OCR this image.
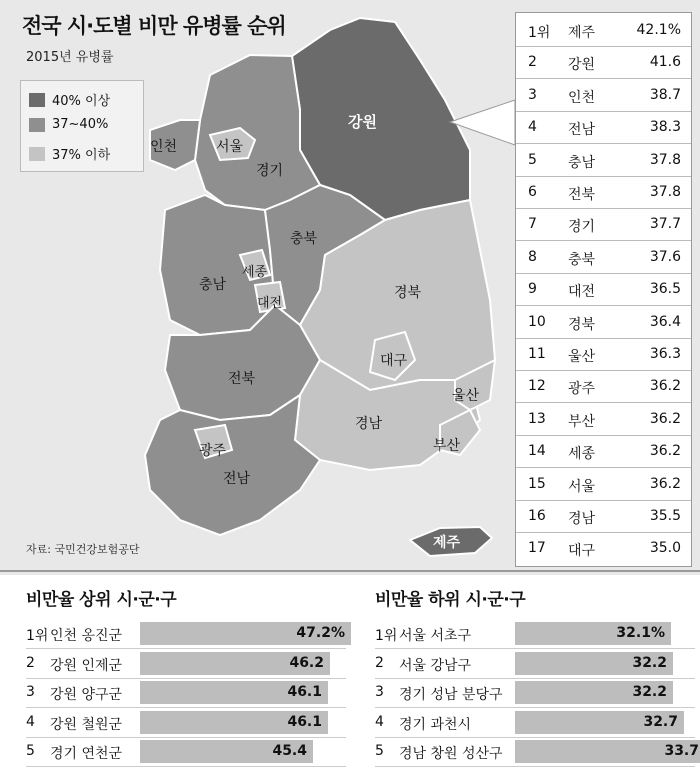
전국 시·도별 비만 유병률 순위
2015년 유병률
강원
인천	서울
경기
충북
충남
세종
대전
경북
대구
전북
울산
경남
부산
광주
전남
제주
40% 이상
37~40%
37% 이하
자료: 국민건강보험공단
1위 제주	42.1%
2 강원	41.6
3 인천	38.7
4 전남	38.3
5 충남	37.8
6 전북	37.8
7 경기	37.7
8 충북	37.6
9 대전	36.5
10 경북	36.4
11 울산	36.3
12 광주	36.2
13 부산	36.2
14 세종	36.2
15 서울	36.2
16 경남	35.5
17 대구	35.0
비만율 상위 시·군·구	비만율 하위 시·군·구
1위 인천 옹진군	47.2%
2 강원 인제군	46.2
3 강원 양구군	46.1
4 강원 철원군	46.1
5 경기 연천군	45.4
1위 서울 서초구	32.1%
2 서울 강남구	32.2
3 경기 성남 분당구	32.2
4 경기 과천시	32.7
5 경남 창원 성산구	33.7
